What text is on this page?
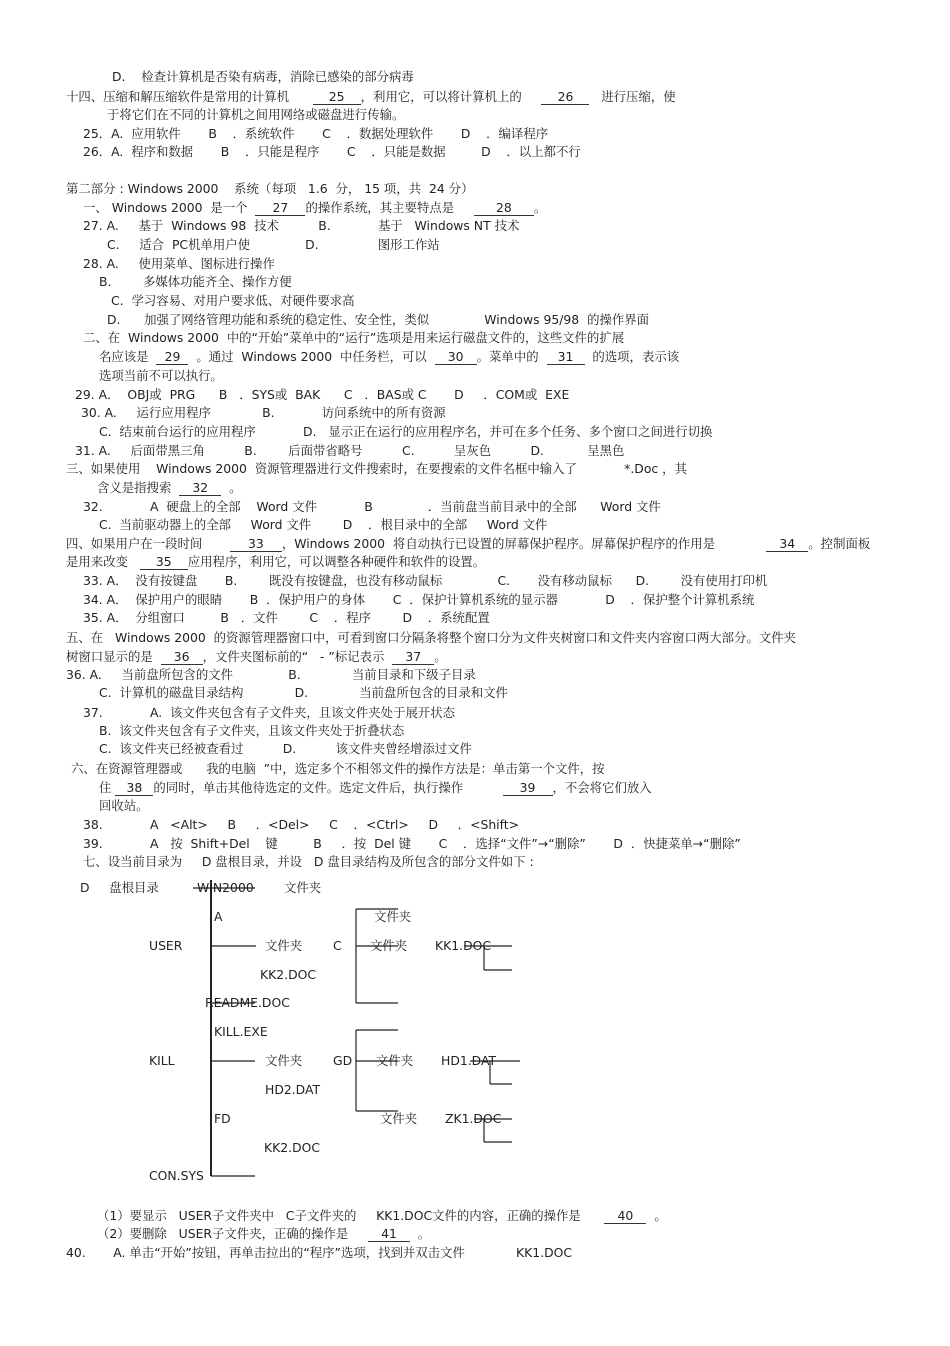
D.    检查计算机是否染有病毒，消除已感染的部分病毒
十四、压缩和解压缩软件是常用的计算机      25 ，利用它，可以将计算机上的     26   进行压缩，使
于将它们在不同的计算机之间用网络或磁盘进行传输。
25．A.  应用软件       B    ．系统软件       C    ．数据处理软件       D    ．编译程序
26．A.  程序和数据       B    ．只能是程序       C    ．只能是数据         D    ．以上都不行
第二部分 : Windows 2000    系统（每项   1.6  分， 15 项，共  24 分）
一、 Windows 2000  是一个  27 的操作系统，其主要特点是     28 。
27. A.     基于  Windows 98  技术          B.            基于   Windows NT 技术
C.     适合  PC机单用户使              D.               图形工作站
28. A.     使用菜单、图标进行操作
B.        多媒体功能齐全、操作方便
C.  学习容易、对用户要求低、对硬件要求高
D.      加强了网络管理功能和系统的稳定性、安全性，类似              Windows 95/98  的操作界面
二、在  Windows 2000  中的“开始”菜单中的“运行”选项是用来运行磁盘文件的，这些文件的扩展
名应该是  29  。通过  Windows 2000  中任务栏，可以  30 。菜单中的  31  的选项，表示该
选项当前不可以执行。
29. A．  OBJ或  PRG      B   ．SYS或  BAK      C   ．BAS或 C       D     ．COM或  EXE
30. A.     运行应用程序             B.            访问系统中的所有资源
C.  结束前台运行的应用程序            D.   显示正在运行的应用程序名，并可在多个任务、多个窗口之间进行切换
31. A.     后面带黑三角          B.        后面带省略号          C.          呈灰色          D.           呈黑色
三、如果使用    Windows 2000  资源管理器进行文件搜索时，在要搜索的文件名框中输入了            *.Doc ，其
含义是指搜索  32  。
32.            A  硬盘上的全部    Word 文件            B              ．当前盘当前目录中的全部      Word 文件
C.  当前驱动器上的全部     Word 文件        D    ．根目录中的全部     Word 文件
四、如果用户在一段时间       33 ，Windows 2000  将自动执行已设置的屏幕保护程序。屏幕保护程序的作用是             34 。控制面板
是用来改变   35 应用程序，利用它，可以调整各种硬件和软件的设置。
33. A．  没有按键盘       B.        既没有按键盘，也没有移动鼠标              C.       没有移动鼠标      D.        没有使用打印机
34. A．  保护用户的眼睛       B  ．保护用户的身体       C  ．保护计算机系统的显示器            D    ．保护整个计算机系统
35. A．  分组窗口         B   ．文件        C    ．程序        D    ．系统配置
五、在   Windows 2000  的资源管理器窗口中，可看到窗口分隔条将整个窗口分为文件夹树窗口和文件夹内容窗口两大部分。文件夹
树窗口显示的是  36 ，文件夹图标前的“   - ”标记表示  37 。
36. A.     当前盘所包含的文件              B.             当前目录和下级子目录
C.  计算机的磁盘目录结构             D.             当前盘所包含的目录和文件
37.            A.  该文件夹包含有子文件夹，且该文件夹处于展开状态
B.  该文件夹包含有子文件夹，且该文件夹处于折叠状态
C.  该文件夹已经被查看过          D.          该文件夹曾经增添过文件
六、在资源管理器或      我的电脑  ”中，选定多个不相邻文件的操作方法是：单击第一个文件，按
住 38 的同时，单击其他待选定的文件。选定文件后，执行操作          39 ，不会将它们放入
回收站。
38.            A   <Alt>     B     ．<Del>     C    ．<Ctrl>     D     ．<Shift>
39.            A   按  Shift+Del    键         B     ．按  Del 键       C    ．选择“文件”→“删除”       D  ．快捷菜单→“删除”
七、设当前目录为     D 盘根目录，并设   D 盘目录结构及所包含的部分文件如下 :
（1）要显示   USER子文件夹中   C子文件夹的     KK1.DOC文件的内容，正确的操作是      40  。
（2）要删除   USER子文件夹，正确的操作是     41  。
40.       A. 单击“开始”按钮，再单击拉出的“程序”选项，找到并双击文件             KK1.DOC
D     盘根目录	WIN2000 文件夹
A	文件夹
USER	文件夹 C 文件夹 KK1.DOC
KK2.DOC
README.DOC
KILL.EXE
KILL	文件夹 GD 文件夹 HD1.DAT
HD2.DAT
FD	文件夹 ZK1.DOC
KK2.DOC
CON.SYS
